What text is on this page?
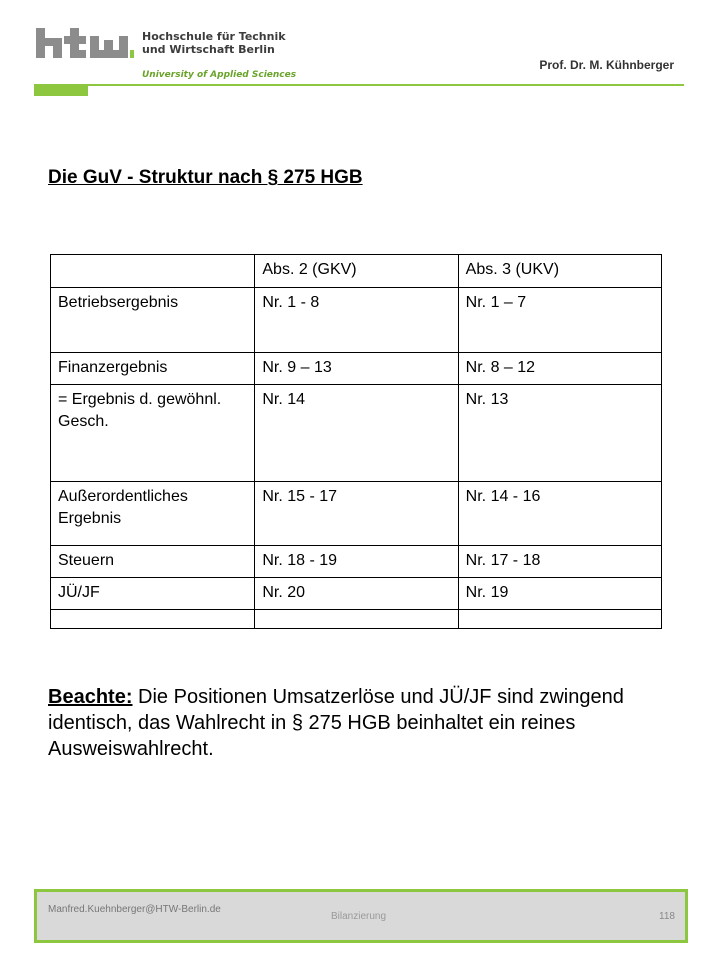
Hochschule für Technik
und Wirtschaft Berlin
University of Applied Sciences
Prof. Dr. M. Kühnberger
Die GuV - Struktur nach § 275 HGB
	Abs. 2 (GKV)	Abs. 3 (UKV)
Betriebsergebnis	Nr. 1 - 8	Nr. 1 – 7
Finanzergebnis	Nr. 9 – 13	Nr. 8 – 12
= Ergebnis d. gewöhnl. Gesch.	Nr. 14	Nr. 13
Außerordentliches Ergebnis	Nr. 15 - 17	Nr. 14 - 16
Steuern	Nr. 18 - 19	Nr. 17 - 18
JÜ/JF	Nr. 20	Nr. 19

Beachte: Die Positionen Umsatzerlöse und JÜ/JF sind zwingend identisch, das Wahlrecht in § 275 HGB beinhaltet ein reines Ausweiswahlrecht.

Manfred.Kuehnberger@HTW-Berlin.de
Bilanzierung	118
